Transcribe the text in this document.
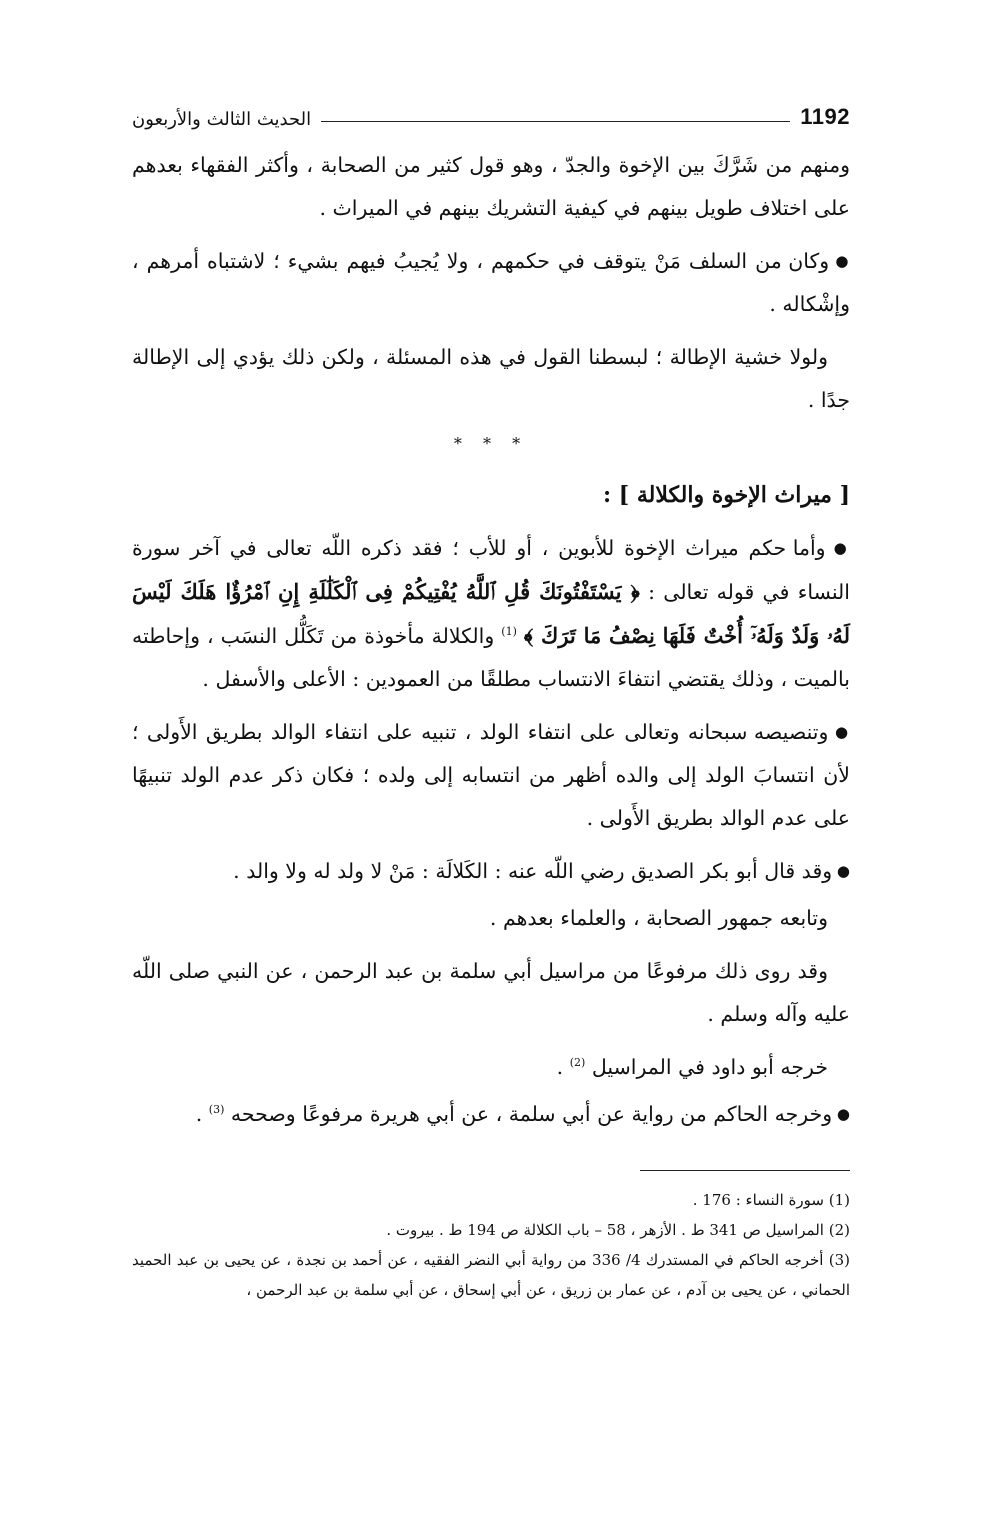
الحديث الثالث والأربعون	1192

ومنهم من شَرَّكَ بين الإخوة والجدّ ، وهو قول كثير من الصحابة ، وأكثر الفقهاء بعدهم على اختلاف طويل بينهم في كيفية التشريك بينهم في الميراث .

● وكان من السلف مَنْ يتوقف في حكمهم ، ولا يُجيبُ فيهم بشيء ؛ لاشتباه أمرهم ، وإشْكاله .

ولولا خشية الإطالة ؛ لبسطنا القول في هذه المسئلة ، ولكن ذلك يؤدي إلى الإطالة جدًا .

* * *
[ ميراث الإخوة والكلالة ] :

● وأما حكم ميراث الإخوة للأبوين ، أو للأب ؛ فقد ذكره اللّه تعالى في آخر سورة النساء في قوله تعالى : ﴿ يَسْتَفْتُونَكَ قُلِ ٱللَّهُ يُفْتِيكُمْ فِى ٱلْكَلَٰلَةِ إِنِ ٱمْرُؤٌا هَلَكَ لَيْسَ لَهُۥ وَلَدٌ وَلَهُۥٓ أُخْتٌ فَلَهَا نِصْفُ مَا تَرَكَ ﴾ $^{(1)}$ والكلالة مأخوذة من تَكَلُّل النسَب ، وإحاطته بالميت ، وذلك يقتضي انتفاءَ الانتساب مطلقًا من العمودين : الأعلى والأسفل .

● وتنصيصه سبحانه وتعالى على انتفاء الولد ، تنبيه على انتفاء الوالد بطريق الأَولى ؛ لأن انتسابَ الولد إلى والده أظهر من انتسابه إلى ولده ؛ فكان ذكر عدم الولد تنبيهًا على عدم الوالد بطريق الأَولى .

● وقد قال أبو بكر الصديق رضي اللّه عنه : الكَلالَة : مَنْ لا ولد له ولا والد .

وتابعه جمهور الصحابة ، والعلماء بعدهم .

وقد روى ذلك مرفوعًا من مراسيل أبي سلمة بن عبد الرحمن ، عن النبي صلى اللّه عليه وآله وسلم .

خرجه أبو داود في المراسيل $^{(2)}$ .

● وخرجه الحاكم من رواية عن أبي سلمة ، عن أبي هريرة مرفوعًا وصححه $^{(3)}$ .

(1) سورة النساء : 176 .

(2) المراسيل ص 341 ط . الأزهر ، 58 – باب الكلالة ص 194 ط . بيروت .

(3) أخرجه الحاكم في المستدرك 4/ 336 من رواية أبي النضر الفقيه ، عن أحمد بن نجدة ، عن يحيى بن عبد الحميد الحماني ، عن يحيى بن آدم ، عن عمار بن زريق ، عن أبي إسحاق ، عن أبي سلمة بن عبد الرحمن ،
